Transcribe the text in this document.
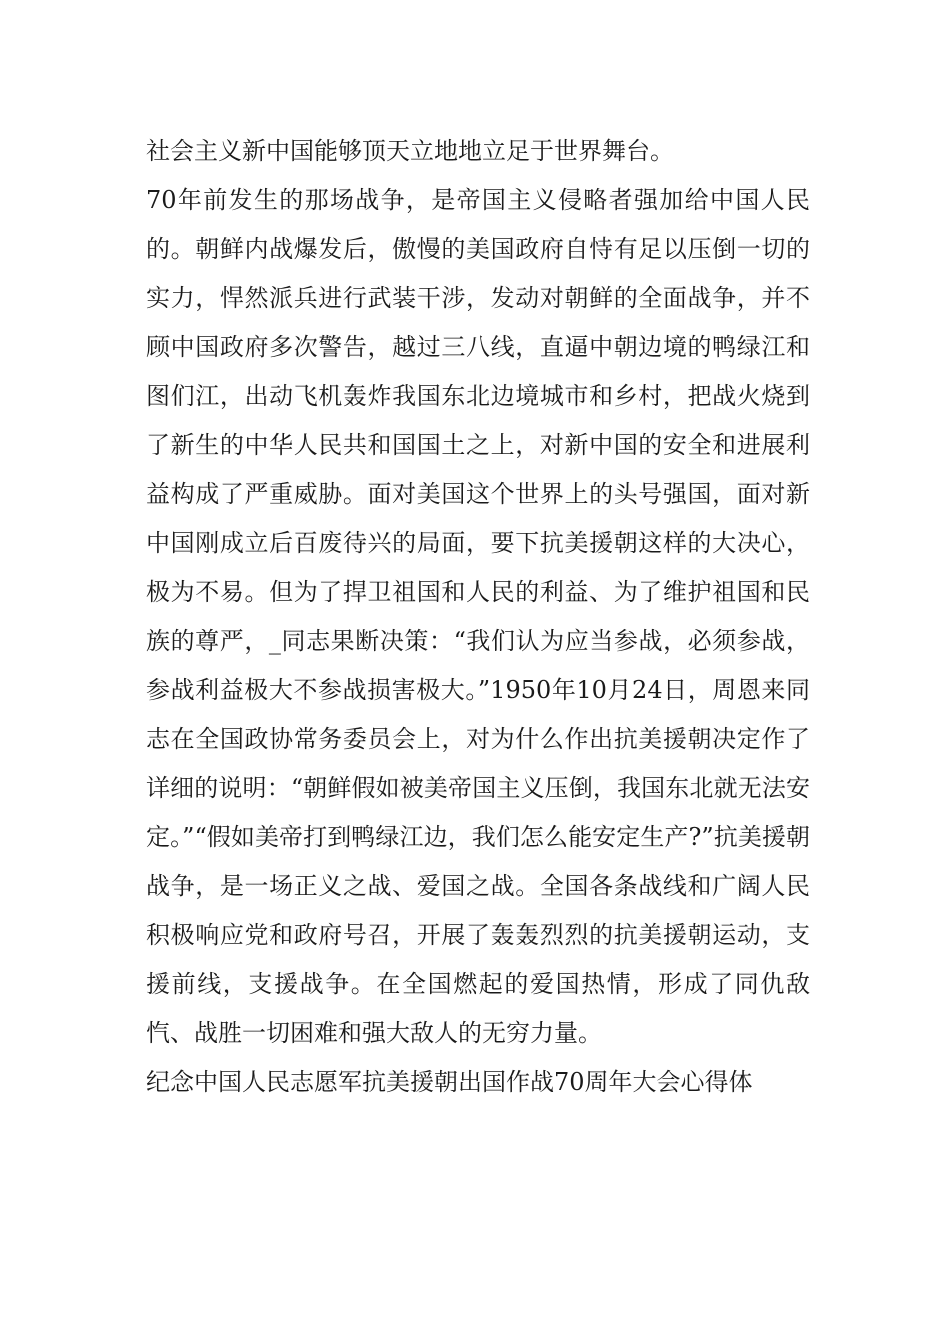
社会主义新中国能够顶天立地地立足于世界舞台。

70年前发生的那场战争，是帝国主义侵略者强加给中国人民的。朝鲜内战爆发后，傲慢的美国政府自恃有足以压倒一切的实力，悍然派兵进行武装干涉，发动对朝鲜的全面战争，并不顾中国政府多次警告，越过三八线，直逼中朝边境的鸭绿江和图们江，出动飞机轰炸我国东北边境城市和乡村，把战火烧到了新生的中华人民共和国国土之上，对新中国的安全和进展利益构成了严重威胁。面对美国这个世界上的头号强国，面对新中国刚成立后百废待兴的局面，要下抗美援朝这样的大决心，极为不易。但为了捍卫祖国和人民的利益、为了维护祖国和民族的尊严，_同志果断决策：“我们认为应当参战，必须参战，参战利益极大不参战损害极大。”1950年10月24日，周恩来同志在全国政协常务委员会上，对为什么作出抗美援朝决定作了详细的说明：“朝鲜假如被美帝国主义压倒，我国东北就无法安定。”“假如美帝打到鸭绿江边，我们怎么能安定生产?”抗美援朝战争，是一场正义之战、爱国之战。全国各条战线和广阔人民积极响应党和政府号召，开展了轰轰烈烈的抗美援朝运动，支援前线，支援战争。在全国燃起的爱国热情，形成了同仇敌忾、战胜一切困难和强大敌人的无穷力量。

纪念中国人民志愿军抗美援朝出国作战70周年大会心得体
